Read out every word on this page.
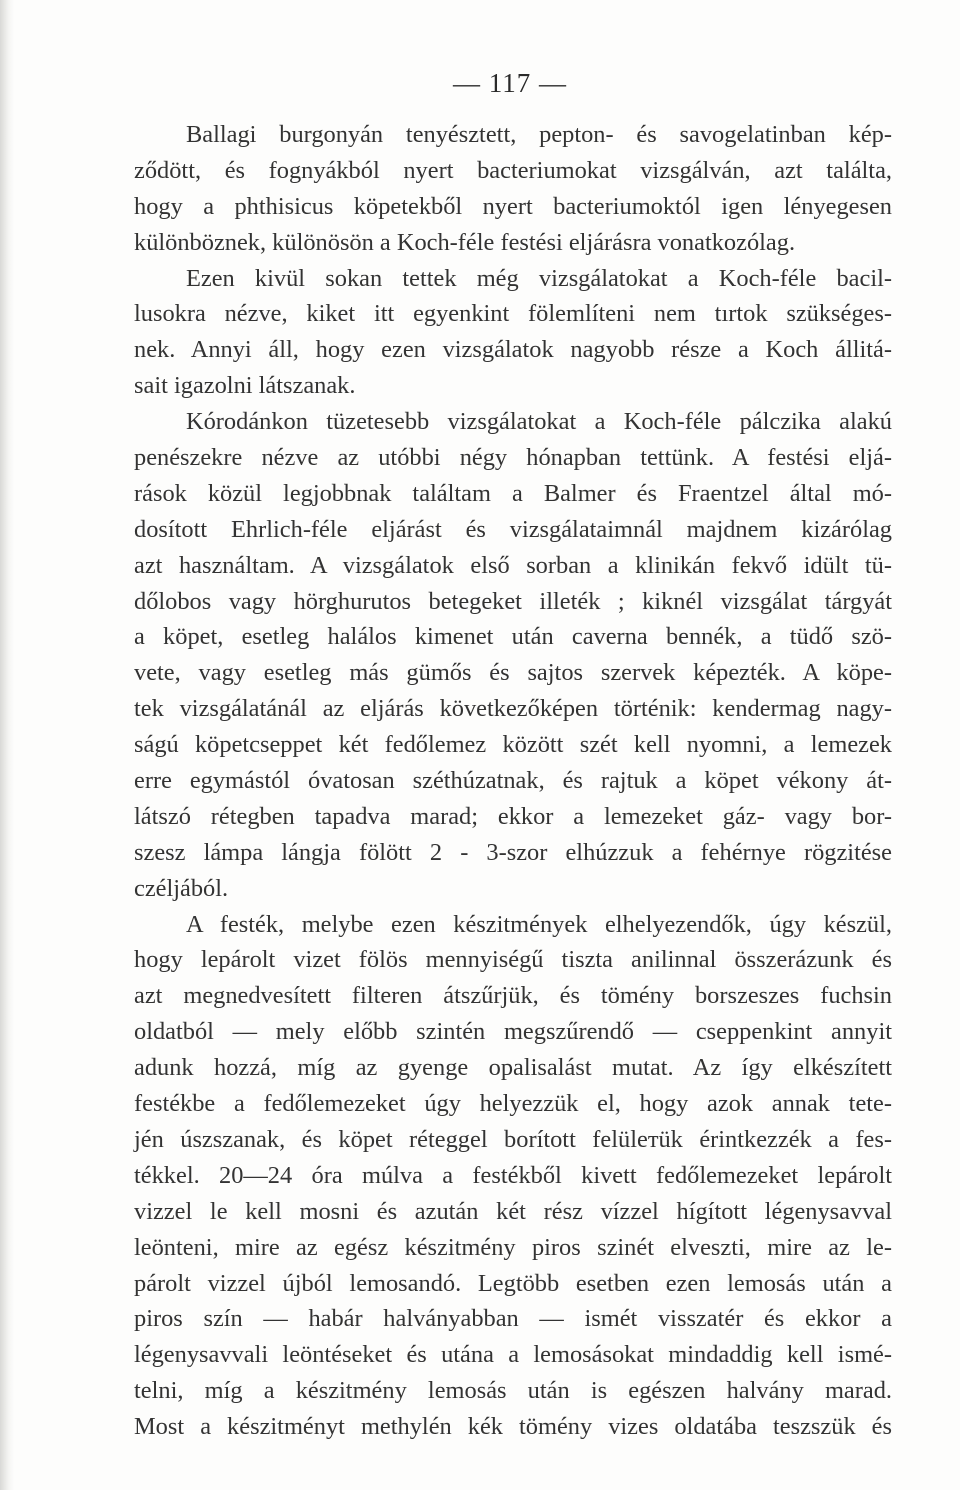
— 117 —
Ballagi burgonyán tenyésztett, pepton- és savogelatinban kép-
ződött, és fognyákból nyert bacteriumokat vizsgálván, azt találta,
hogy a phthisicus köpetekből nyert bacteriumoktól igen lényegesen
különböznek, különösön a Koch-féle festési eljárásra vonatkozólag.
Ezen kivül sokan tettek még vizsgálatokat a Koch-féle bacil-
lusokra nézve, kiket itt egyenkint fölemlíteni nem tırtok szükséges-
nek. Annyi áll, hogy ezen vizsgálatok nagyobb része a Koch állitá-
sait igazolni látszanak.
Kórodánkon tüzetesebb vizsgálatokat a Koch-féle pálczika alakú
penészekre nézve az utóbbi négy hónapban tettünk. A festési eljá-
rások közül legjobbnak találtam a Balmer és Fraentzel által mó-
dosított Ehrlich-féle eljárást és vizsgálataimnál majdnem kizárólag
azt használtam. A vizsgálatok első sorban a klinikán fekvő idült tü-
dőlobos vagy hörghurutos betegeket illeték ; kiknél vizsgálat tárgyát
a köpet, esetleg halálos kimenet után caverna bennék, a tüdő szö-
vete, vagy esetleg más gümős és sajtos szervek képezték. A köpe-
tek vizsgálatánál az eljárás következőképen történik: kendermag nagy-
ságú köpetcseppet két fedőlemez között szét kell nyomni, a lemezek
erre egymástól óvatosan széthúzatnak, és rajtuk a köpet vékony át-
látszó rétegben tapadva marad; ekkor a lemezeket gáz- vagy bor-
szesz lámpa lángja fölött 2 - 3-szor elhúzzuk a fehérnye rögzitése
czéljából.
A festék, melybe ezen készitmények elhelyezendők, úgy készül,
hogy lepárolt vizet fölös mennyiségű tiszta anilinnal összerázunk és
azt megnedvesített filteren átszűrjük, és tömény borszeszes fuchsin
oldatból — mely előbb szintén megszűrendő — cseppenkint annyit
adunk hozzá, míg az gyenge opalisalást mutat. Az így elkészített
festékbe a fedőlemezeket úgy helyezzük el, hogy azok annak tete-
jén úszszanak, és köpet réteggel borított felülетük érintkezzék a fes-
tékkel. 20—24 óra múlva a festékből kivett fedőlemezeket lepárolt
vizzel le kell mosni és azután két rész vízzel hígított légenysavval
leönteni, mire az egész készitmény piros szinét elveszti, mire az le-
párolt vizzel újból lemosandó. Legtöbb esetben ezen lemosás után a
piros szín — habár halványabban — ismét visszatér és ekkor a
légenysavvali leöntéseket és utána a lemosásokat mindaddig kell ismé-
telni, míg a készitmény lemosás után is egészen halvány marad.
Most a készitményt methylén kék tömény vizes oldatába teszszük és
